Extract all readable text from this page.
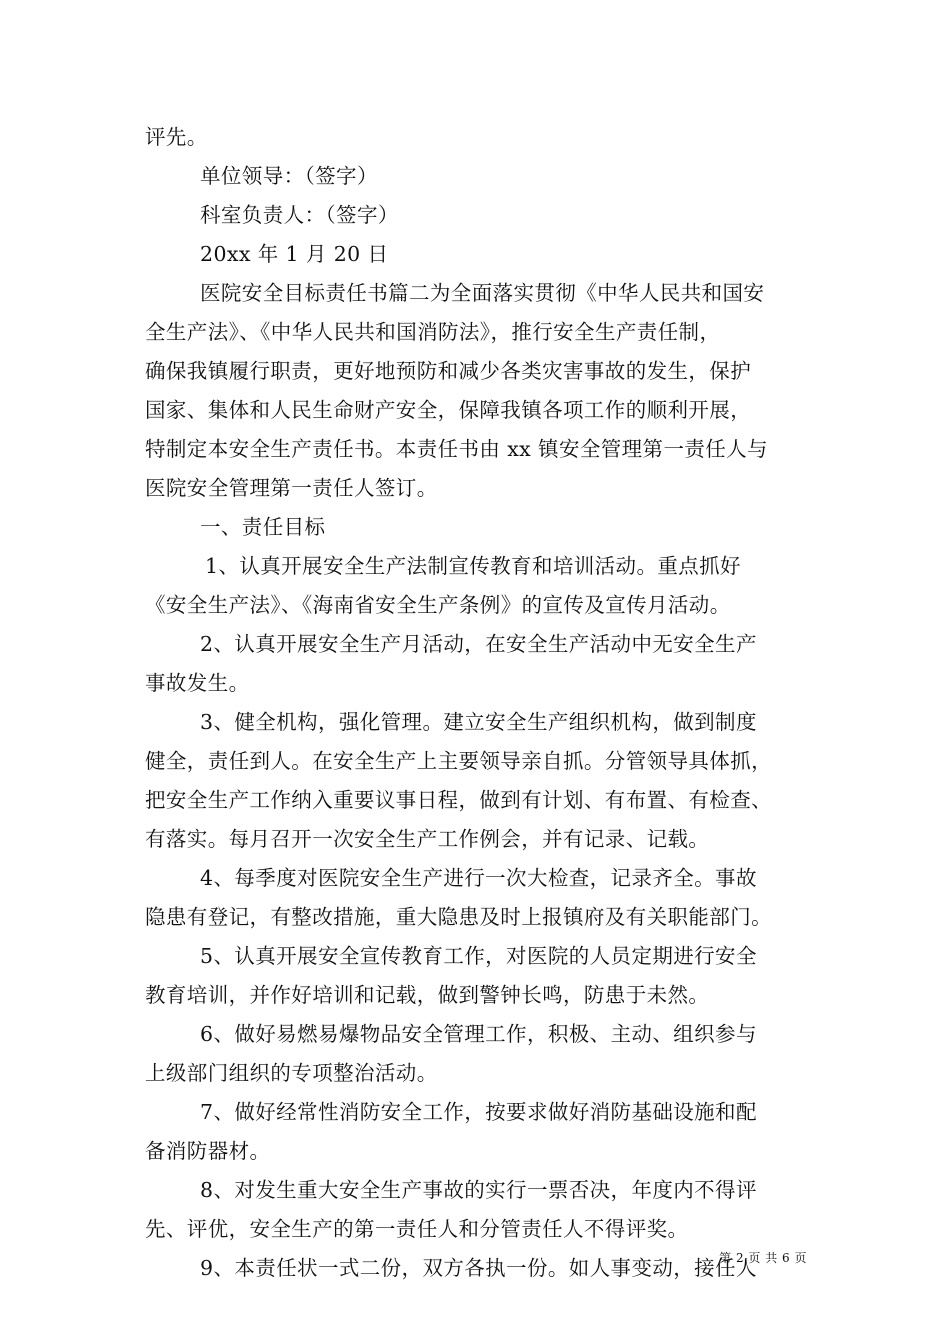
评先。
单位领导：（签字）
科室负责人：（签字）
20xx 年 1 月 20 日
医院安全目标责任书篇二为全面落实贯彻《中华人民共和国安
全生产法》、《中华人民共和国消防法》，推行安全生产责任制，
确保我镇履行职责，更好地预防和减少各类灾害事故的发生，保护
国家、集体和人民生命财产安全，保障我镇各项工作的顺利开展，
特制定本安全生产责任书。本责任书由 xx 镇安全管理第一责任人与
医院安全管理第一责任人签订。
一、责任目标
1、认真开展安全生产法制宣传教育和培训活动。重点抓好
《安全生产法》、《海南省安全生产条例》的宣传及宣传月活动。
2、认真开展安全生产月活动，在安全生产活动中无安全生产
事故发生。
3、健全机构，强化管理。建立安全生产组织机构，做到制度
健全，责任到人。在安全生产上主要领导亲自抓。分管领导具体抓，
把安全生产工作纳入重要议事日程，做到有计划、有布置、有检查、
有落实。每月召开一次安全生产工作例会，并有记录、记载。
4、每季度对医院安全生产进行一次大检查，记录齐全。事故
隐患有登记，有整改措施，重大隐患及时上报镇府及有关职能部门。
5、认真开展安全宣传教育工作，对医院的人员定期进行安全
教育培训，并作好培训和记载，做到警钟长鸣，防患于未然。
6、做好易燃易爆物品安全管理工作，积极、主动、组织参与
上级部门组织的专项整治活动。
7、做好经常性消防安全工作，按要求做好消防基础设施和配
备消防器材。
8、对发生重大安全生产事故的实行一票否决，年度内不得评
先、评优，安全生产的第一责任人和分管责任人不得评奖。
9、本责任状一式二份，双方各执一份。如人事变动，接任人
第 2 页 共 6 页
